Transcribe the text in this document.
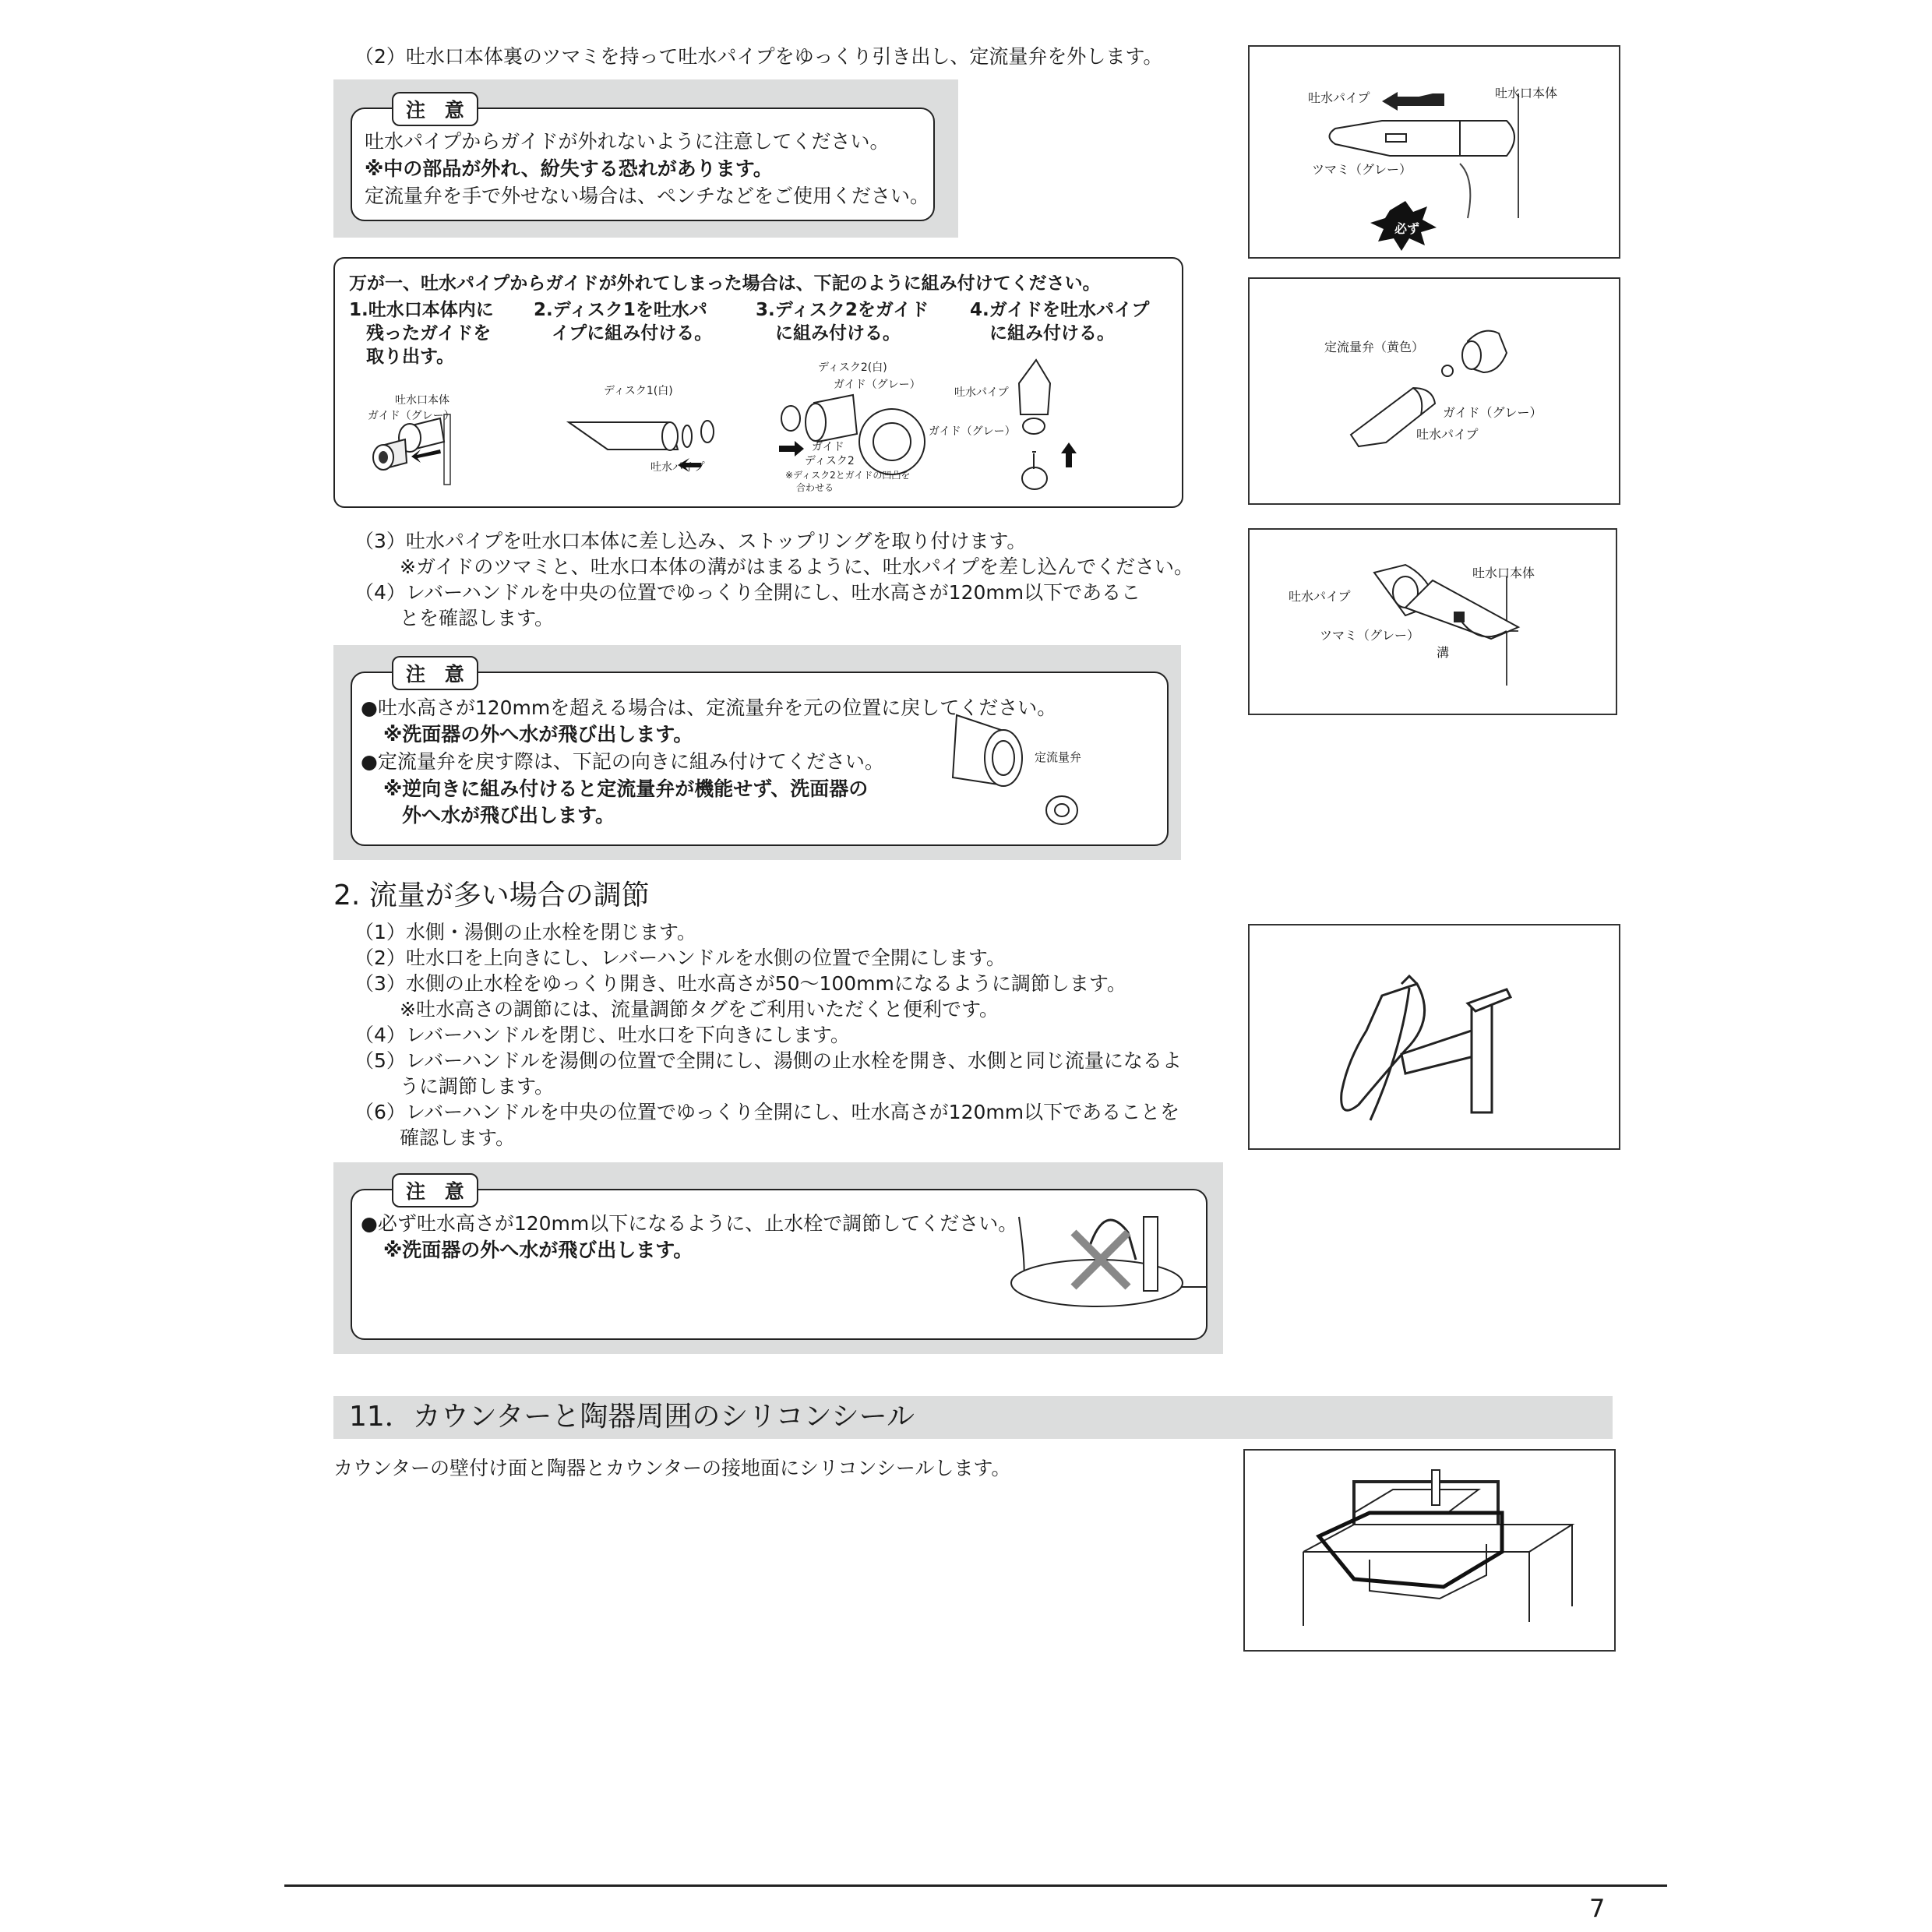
（2）吐水口本体裏のツマミを持って吐水パイプをゆっくり引き出し、定流量弁を外します。
注 意
吐水パイプからガイドが外れないように注意してください。
※中の部品が外れ、紛失する恐れがあります。
定流量弁を手で外せない場合は、ペンチなどをご使用ください。
吐水パイプ	吐水口本体
ツマミ（グレー）
必ず
万が一、吐水パイプからガイドが外れてしまった場合は、下記のように組み付けてください。
1.吐水口本体内に
残ったガイドを
取り出す。
2.ディスク1を吐水パ
イプに組み付ける。
3.ディスク2をガイド
に組み付ける。
4.ガイドを吐水パイプ
に組み付ける。
吐水口本体
ガイド（グレー）
ディスク1(白)
吐水パイプ
ディスク2(白)
ガイド（グレー）
ガイド
ディスク2
※ディスク2とガイドの凹凸を
合わせる
吐水パイプ
ガイド（グレー）
定流量弁（黄色）
ガイド（グレー）
吐水パイプ
（3）吐水パイプを吐水口本体に差し込み、ストップリングを取り付けます。
※ガイドのツマミと、吐水口本体の溝がはまるように、吐水パイプを差し込んでください。
（4）レバーハンドルを中央の位置でゆっくり全開にし、吐水高さが120mm以下であるこ
とを確認します。
吐水口本体
吐水パイプ
ツマミ（グレー）
溝
注 意
●吐水高さが120mmを超える場合は、定流量弁を元の位置に戻してください。
※洗面器の外へ水が飛び出します。
●定流量弁を戻す際は、下記の向きに組み付けてください。
※逆向きに組み付けると定流量弁が機能せず、洗面器の
外へ水が飛び出します。
定流量弁
2. 流量が多い場合の調節
（1）水側・湯側の止水栓を閉じます。
（2）吐水口を上向きにし、レバーハンドルを水側の位置で全開にします。
（3）水側の止水栓をゆっくり開き、吐水高さが50～100mmになるように調節します。
※吐水高さの調節には、流量調節タグをご利用いただくと便利です。
（4）レバーハンドルを閉じ、吐水口を下向きにします。
（5）レバーハンドルを湯側の位置で全開にし、湯側の止水栓を開き、水側と同じ流量になるよ
うに調節します。
（6）レバーハンドルを中央の位置でゆっくり全開にし、吐水高さが120mm以下であることを
確認します。
注 意
●必ず吐水高さが120mm以下になるように、止水栓で調節してください。
※洗面器の外へ水が飛び出します。
11．カウンターと陶器周囲のシリコンシール
カウンターの壁付け面と陶器とカウンターの接地面にシリコンシールします。
7
